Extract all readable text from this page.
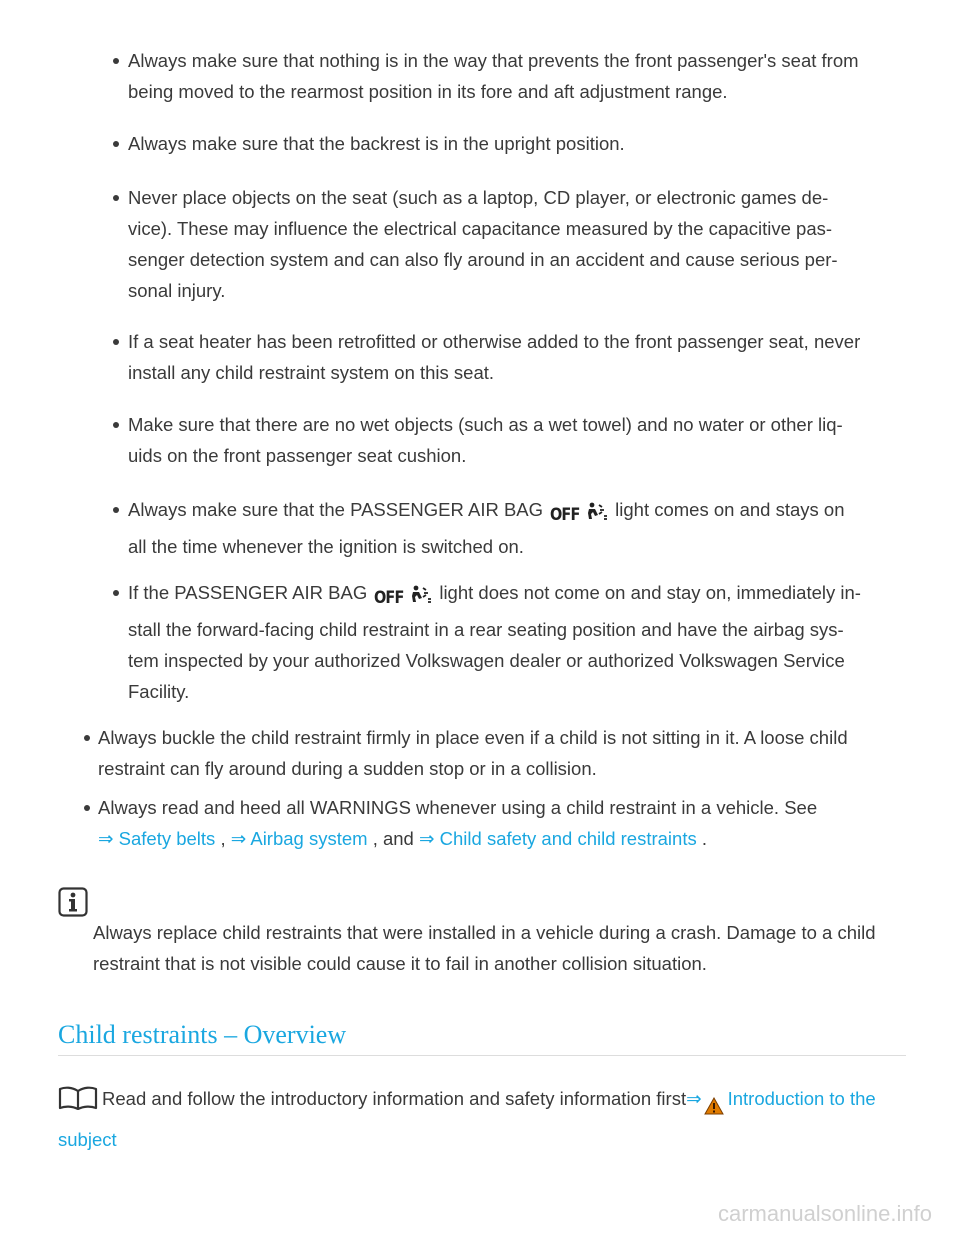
Always make sure that nothing is in the way that prevents the front passenger's seat from being moved to the rearmost position in its fore and aft adjustment range.
Always make sure that the backrest is in the upright position.
Never place objects on the seat (such as a laptop, CD player, or electronic games de-vice). These may influence the electrical capacitance measured by the capacitive pas-senger detection system and can also fly around in an accident and cause serious per-sonal injury.
If a seat heater has been retrofitted or otherwise added to the front passenger seat, never install any child restraint system on this seat.
Make sure that there are no wet objects (such as a wet towel) and no water or other liq-uids on the front passenger seat cushion.
Always make sure that the PASSENGER AIR BAG OFF light comes on and stays on all the time whenever the ignition is switched on.
If the PASSENGER AIR BAG OFF light does not come on and stay on, immediately in-stall the forward-facing child restraint in a rear seating position and have the airbag sys-tem inspected by your authorized Volkswagen dealer or authorized Volkswagen Service Facility.
Always buckle the child restraint firmly in place even if a child is not sitting in it. A loose child restraint can fly around during a sudden stop or in a collision.
Always read and heed all WARNINGS whenever using a child restraint in a vehicle. See
⇒ Safety belts , ⇒ Airbag system , and ⇒ Child safety and child restraints .
Always replace child restraints that were installed in a vehicle during a crash. Damage to a child restraint that is not visible could cause it to fail in another collision situation.
Child restraints – Overview
Read and follow the introductory information and safety information first⇒ Introduction to the subject
carmanualsonline.info
